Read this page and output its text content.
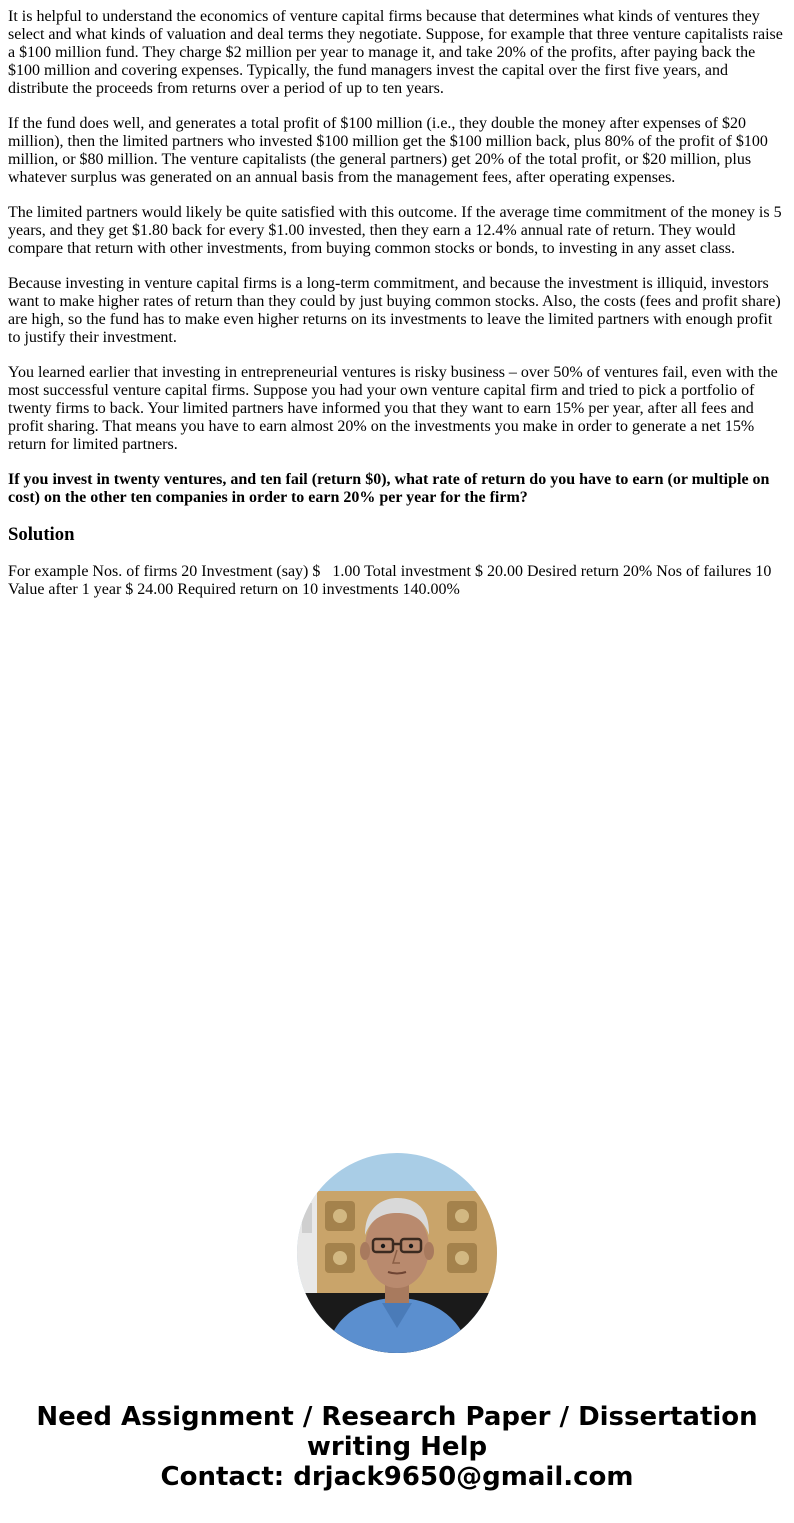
It is helpful to understand the economics of venture capital firms because that determines what kinds of ventures they select and what kinds of valuation and deal terms they negotiate. Suppose, for example that three venture capitalists raise a $100 million fund. They charge $2 million per year to manage it, and take 20% of the profits, after paying back the $100 million and covering expenses. Typically, the fund managers invest the capital over the first five years, and distribute the proceeds from returns over a period of up to ten years.

If the fund does well, and generates a total profit of $100 million (i.e., they double the money after expenses of $20 million), then the limited partners who invested $100 million get the $100 million back, plus 80% of the profit of $100 million, or $80 million. The venture capitalists (the general partners) get 20% of the total profit, or $20 million, plus whatever surplus was generated on an annual basis from the management fees, after operating expenses.

The limited partners would likely be quite satisfied with this outcome. If the average time commitment of the money is 5 years, and they get $1.80 back for every $1.00 invested, then they earn a 12.4% annual rate of return. They would compare that return with other investments, from buying common stocks or bonds, to investing in any asset class.

Because investing in venture capital firms is a long-term commitment, and because the investment is illiquid, investors want to make higher rates of return than they could by just buying common stocks. Also, the costs (fees and profit share) are high, so the fund has to make even higher returns on its investments to leave the limited partners with enough profit to justify their investment.

You learned earlier that investing in entrepreneurial ventures is risky business – over 50% of ventures fail, even with the most successful venture capital firms. Suppose you had your own venture capital firm and tried to pick a portfolio of twenty firms to back. Your limited partners have informed you that they want to earn 15% per year, after all fees and profit sharing. That means you have to earn almost 20% on the investments you make in order to generate a net 15% return for limited partners.

If you invest in twenty ventures, and ten fail (return $0), what rate of return do you have to earn (or multiple on cost) on the other ten companies in order to earn 20% per year for the firm?

Solution

For example Nos. of firms 20 Investment (say) $   1.00 Total investment $ 20.00 Desired return 20% Nos of failures 10 Value after 1 year $ 24.00 Required return on 10 investments 140.00%

Need Assignment / Research Paper / Dissertation
writing Help
Contact: drjack9650@gmail.com
